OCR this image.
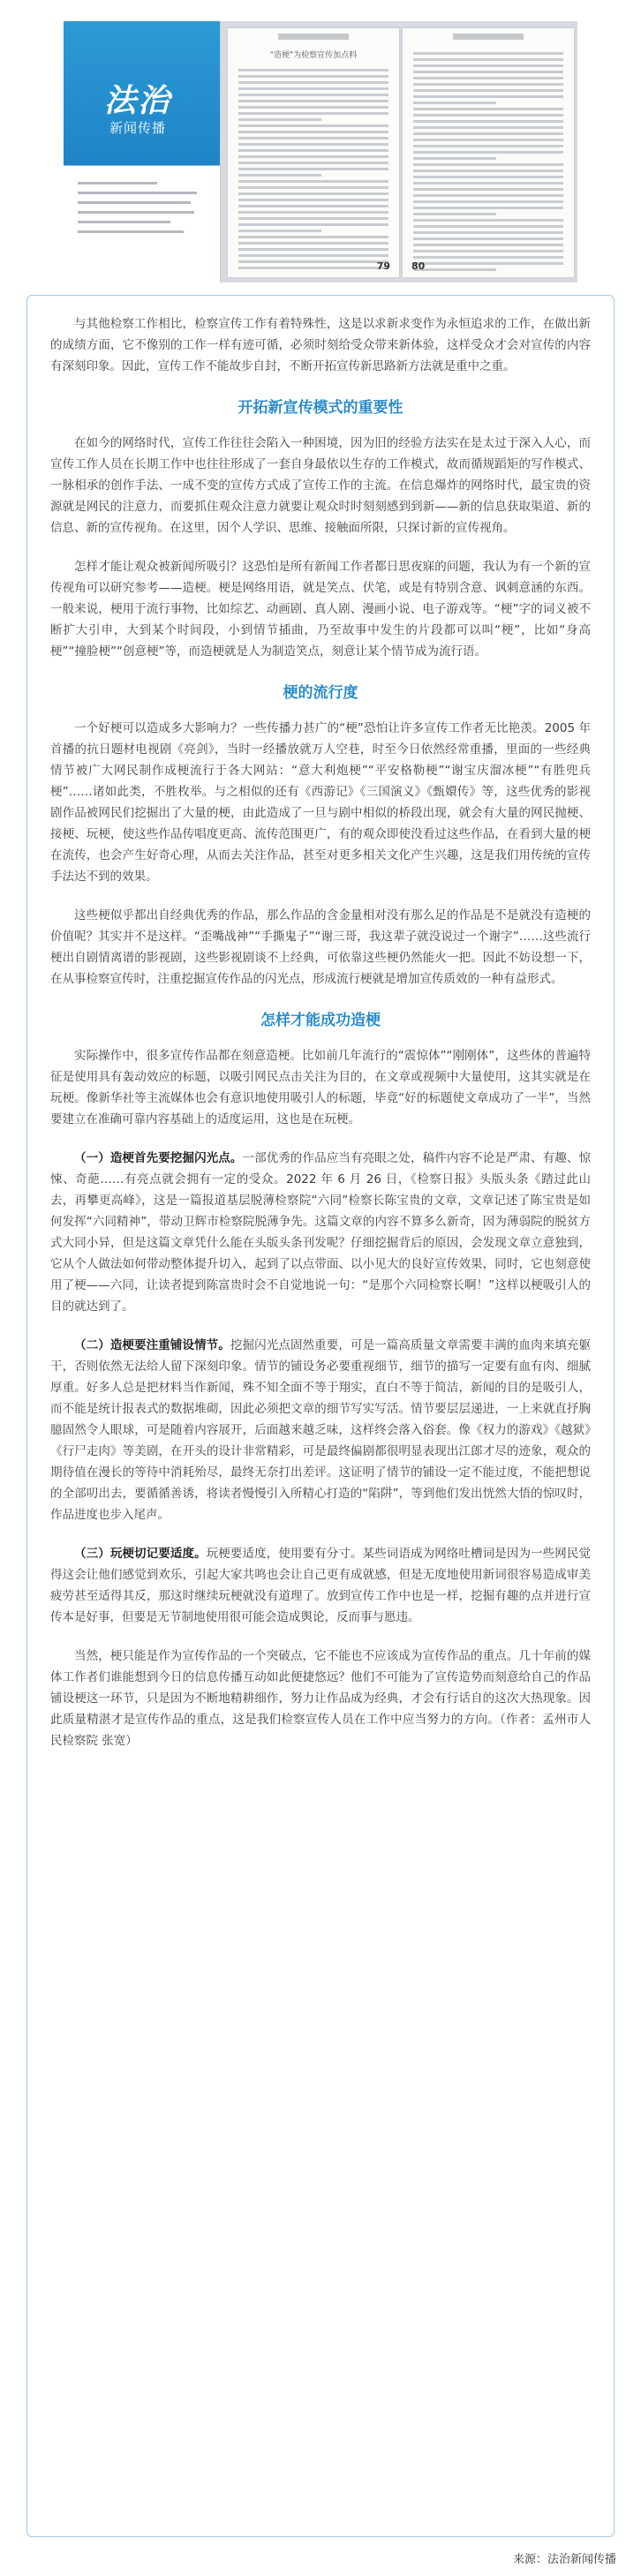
法治
新闻传播
"造梗"为检察宣传加点料
79 80

与其他检察工作相比，检察宣传工作有着特殊性，这是以求新求变作为永恒追求的工作，在做出新的成绩方面，它不像别的工作一样有迹可循，必须时刻给受众带来新体验，这样受众才会对宣传的内容有深刻印象。因此，宣传工作不能故步自封，不断开拓宣传新思路新方法就是重中之重。

开拓新宣传模式的重要性

在如今的网络时代，宣传工作往往会陷入一种困境，因为旧的经验方法实在是太过于深入人心，而宣传工作人员在长期工作中也往往形成了一套自身最依以生存的工作模式，故而循规蹈矩的写作模式、一脉相承的创作手法、一成不变的宣传方式成了宣传工作的主流。在信息爆炸的网络时代，最宝贵的资源就是网民的注意力，而要抓住观众注意力就要让观众时时刻刻感到到新——新的信息获取渠道、新的信息、新的宣传视角。在这里，因个人学识、思维、接触面所限，只探讨新的宣传视角。

怎样才能让观众被新闻所吸引？这恐怕是所有新闻工作者都日思夜寐的问题，我认为有一个新的宣传视角可以研究参考——造梗。梗是网络用语，就是笑点、伏笔，或是有特别含意、讽刺意涵的东西。一般来说，梗用于流行事物，比如综艺、动画剧、真人剧、漫画小说、电子游戏等。“梗”字的词义被不断扩大引申，大到某个时间段，小到情节插曲，乃至故事中发生的片段都可以叫“梗”，比如“身高梗”“撞脸梗”“创意梗”等，而造梗就是人为制造笑点，刻意让某个情节成为流行语。

梗的流行度

一个好梗可以造成多大影响力？一些传播力甚广的“梗”恐怕让许多宣传工作者无比艳羡。2005 年首播的抗日题材电视剧《亮剑》，当时一经播放就万人空巷，时至今日依然经常重播，里面的一些经典情节被广大网民制作成梗流行于各大网站：“意大利炮梗”“平安格勒梗”“谢宝庆溜冰梗”“有胜兜兵梗”……诸如此类，不胜枚举。与之相似的还有《西游记》《三国演义》《甄嬛传》等，这些优秀的影视剧作品被网民们挖掘出了大量的梗，由此造成了一旦与剧中相似的桥段出现，就会有大量的网民抛梗、接梗、玩梗，使这些作品传唱度更高、流传范围更广，有的观众即使没看过这些作品，在看到大量的梗在流传，也会产生好奇心理，从而去关注作品，甚至对更多相关文化产生兴趣，这是我们用传统的宣传手法达不到的效果。

这些梗似乎都出自经典优秀的作品，那么作品的含金量相对没有那么足的作品是不是就没有造梗的价值呢？其实并不是这样。“歪嘴战神”“手撕鬼子”“谢三哥，我这辈子就没说过一个谢字”……这些流行梗出自剧情离谱的影视剧，这些影视剧谈不上经典，可依靠这些梗仍然能火一把。因此不妨设想一下，在从事检察宣传时，注重挖掘宣传作品的闪光点，形成流行梗就是增加宣传质效的一种有益形式。

怎样才能成功造梗

实际操作中，很多宣传作品都在刻意造梗。比如前几年流行的“震惊体”“刚刚体”，这些体的普遍特征是使用具有轰动效应的标题，以吸引网民点击关注为目的，在文章或视频中大量使用，这其实就是在玩梗。像新华社等主流媒体也会有意识地使用吸引人的标题，毕竟“好的标题使文章成功了一半”，当然要建立在准确可靠内容基础上的适度运用，这也是在玩梗。

（一）造梗首先要挖掘闪光点。一部优秀的作品应当有亮眼之处，稿件内容不论是严肃、有趣、惊悚、奇葩……有亮点就会拥有一定的受众。2022 年 6 月 26 日，《检察日报》头版头条《踏过此山去，再攀更高峰》，这是一篇报道基层脱薄检察院“六同”检察长陈宝贵的文章，文章记述了陈宝贵是如何发挥“六同精神”，带动卫辉市检察院脱薄争先。这篇文章的内容不算多么新奇，因为薄弱院的脱贫方式大同小异，但是这篇文章凭什么能在头版头条刊发呢？仔细挖掘背后的原因，会发现文章立意独到，它从个人做法如何带动整体提升切入，起到了以点带面、以小见大的良好宣传效果，同时，它也刻意使用了梗——六同，让读者提到陈富贵时会不自觉地说一句：“是那个六同检察长啊！”这样以梗吸引人的目的就达到了。

（二）造梗要注重铺设情节。挖掘闪光点固然重要，可是一篇高质量文章需要丰满的血肉来填充躯干，否则依然无法给人留下深刻印象。情节的铺设务必要重视细节，细节的描写一定要有血有肉、细腻厚重。好多人总是把材料当作新闻，殊不知全面不等于翔实，直白不等于简洁，新闻的目的是吸引人，而不能是统计报表式的数据堆砌，因此必须把文章的细节写实写活。情节要层层递进，一上来就直抒胸臆固然令人眼球，可是随着内容展开，后面越来越乏味，这样终会落入俗套。像《权力的游戏》《越狱》《行尸走肉》等美剧，在开头的设计非常精彩，可是最终偏剧都很明显表现出江郎才尽的迹象，观众的期待值在漫长的等待中消耗殆尽，最终无奈打出差评。这证明了情节的铺设一定不能过度，不能把想说的全部叨出去，要循循善诱，将读者慢慢引入所精心打造的“陷阱”，等到他们发出恍然大悟的惊叹时，作品进度也步入尾声。

（三）玩梗切记要适度。玩梗要适度，使用要有分寸。某些词语成为网络吐槽词是因为一些网民觉得这会让他们感觉到欢乐，引起大家共鸣也会让自己更有成就感，但是无度地使用新词很容易造成审美疲劳甚至适得其反，那这时继续玩梗就没有道理了。放到宣传工作中也是一样，挖掘有趣的点并进行宣传本是好事，但要是无节制地使用很可能会造成舆论，反而事与愿违。

当然，梗只能是作为宣传作品的一个突破点，它不能也不应该成为宣传作品的重点。几十年前的媒体工作者们谁能想到今日的信息传播互动如此便捷悠远？他们不可能为了宣传造势而刻意给自己的作品铺设梗这一环节，只是因为不断地精耕细作，努力让作品成为经典，才会有行话自的这次大热现象。因此质量精湛才是宣传作品的重点，这是我们检察宣传人员在工作中应当努力的方向。（作者：孟州市人民检察院 张宽）

来源：法治新闻传播
